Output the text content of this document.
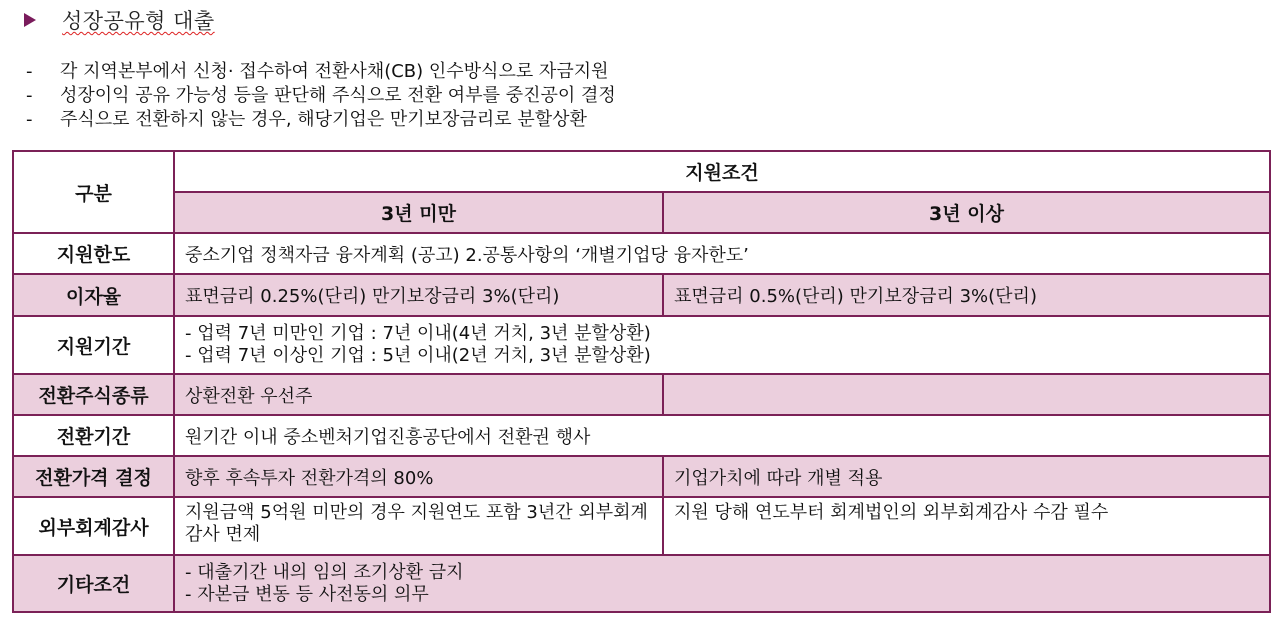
성장공유형 대출
-	각 지역본부에서 신청· 접수하여 전환사채(CB) 인수방식으로 자금지원
-	성장이익 공유 가능성 등을 판단해 주식으로 전환 여부를 중진공이 결정
-	주식으로 전환하지 않는 경우, 해당기업은 만기보장금리로 분할상환
구분	지원조건	
	3년 미만	3년 이상
지원한도	중소기업 정책자금 융자계획 (공고) 2.공통사항의 ‘개별기업당 융자한도’	
이자율	표면금리 0.25%(단리) 만기보장금리 3%(단리)	표면금리 0.5%(단리) 만기보장금리 3%(단리)
지원기간	- 업력 7년 미만인 기업 : 7년 이내(4년 거치, 3년 분할상환)
- 업력 7년 이상인 기업 : 5년 이내(2년 거치, 3년 분할상환)	

전환주식종류	상환전환 우선주	
전환기간	원기간 이내 중소벤처기업진흥공단에서 전환권 행사	
전환가격 결정	향후 후속투자 전환가격의 80%	기업가치에 따라 개별 적용
외부회계감사	지원금액 5억원 미만의 경우 지원연도 포함 3년간 외부회계감사 면제	지원 당해 연도부터 회계법인의 외부회계감사 수감 필수
기타조건	- 대출기간 내의 임의 조기상환 금지
- 자본금 변동 등 사전동의 의무	
